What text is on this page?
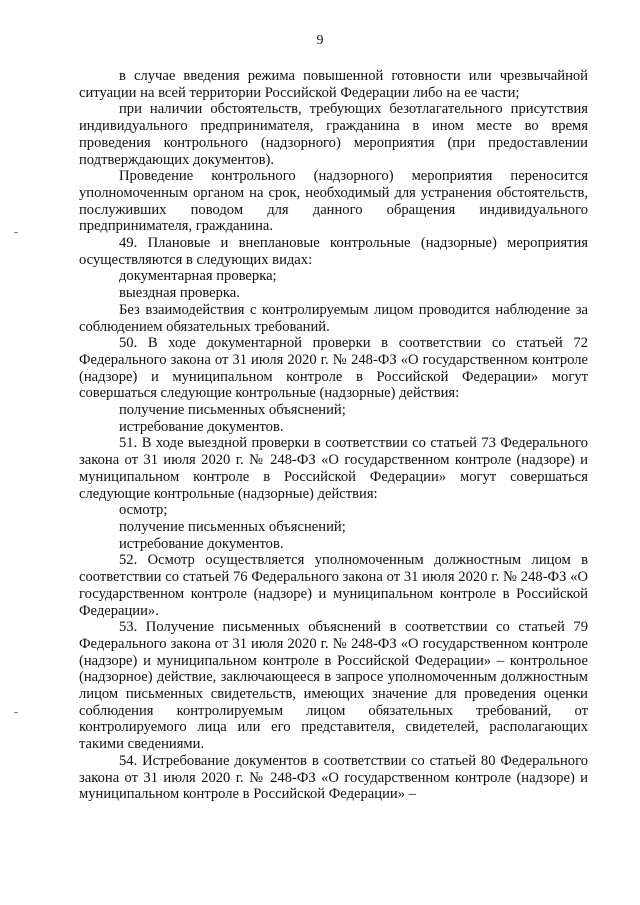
9

в случае введения режима повышенной готовности или чрезвычайной ситуации на всей территории Российской Федерации либо на ее части;

при наличии обстоятельств, требующих безотлагательного присутствия индивидуального предпринимателя, гражданина в ином месте во время проведения контрольного (надзорного) мероприятия (при предоставлении подтверждающих документов).

Проведение контрольного (надзорного) мероприятия переносится уполномоченным органом на срок, необходимый для устранения обстоятельств, послуживших поводом для данного обращения индивидуального предпринимателя, гражданина.

49. Плановые и внеплановые контрольные (надзорные) мероприятия осуществляются в следующих видах:

документарная проверка;

выездная проверка.

Без взаимодействия с контролируемым лицом проводится наблюдение за соблюдением обязательных требований.

50. В ходе документарной проверки в соответствии со статьей 72 Федерального закона от 31 июля 2020 г. № 248-ФЗ «О государственном контроле (надзоре) и муниципальном контроле в Российской Федерации» могут совершаться следующие контрольные (надзорные) действия:

получение письменных объяснений;

истребование документов.

51. В ходе выездной проверки в соответствии со статьей 73 Федерального закона от 31 июля 2020 г. № 248-ФЗ «О государственном контроле (надзоре) и муниципальном контроле в Российской Федерации» могут совершаться следующие контрольные (надзорные) действия:

осмотр;

получение письменных объяснений;

истребование документов.

52. Осмотр осуществляется уполномоченным должностным лицом в соответствии со статьей 76 Федерального закона от 31 июля 2020 г. № 248-ФЗ «О государственном контроле (надзоре) и муниципальном контроле в Российской Федерации».

53. Получение письменных объяснений в соответствии со статьей 79 Федерального закона от 31 июля 2020 г. № 248-ФЗ «О государственном контроле (надзоре) и муниципальном контроле в Российской Федерации» – контрольное (надзорное) действие, заключающееся в запросе уполномоченным должностным лицом письменных свидетельств, имеющих значение для проведения оценки соблюдения контролируемым лицом обязательных требований, от контролируемого лица или его представителя, свидетелей, располагающих такими сведениями.

54. Истребование документов в соответствии со статьей 80 Федерального закона от 31 июля 2020 г. № 248-ФЗ «О государственном контроле (надзоре) и муниципальном контроле в Российской Федерации» –
